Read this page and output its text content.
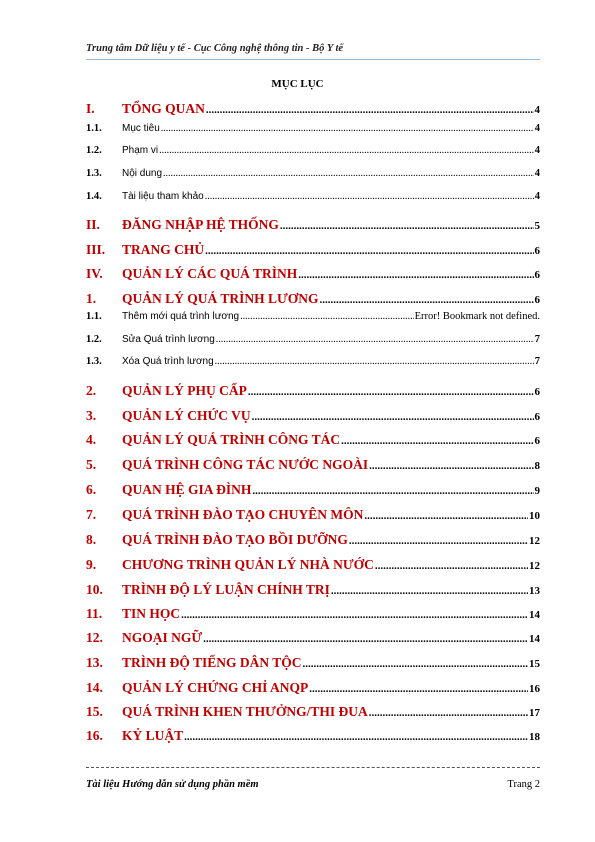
Trung tâm Dữ liệu y tế - Cục Công nghệ thông tin - Bộ Y tế
MỤC LỤC
I.	TỔNG QUAN .....	4
1.1.	Mục tiêu .....	4
1.2.	Phạm vi .....	4
1.3.	Nội dung .....	4
1.4.	Tài liệu tham khảo .....	4
II.	ĐĂNG NHẬP HỆ THỐNG .....	5
III.	TRANG CHỦ .....	6
IV.	QUẢN LÝ CÁC QUÁ TRÌNH .....	6
1.	QUẢN LÝ QUÁ TRÌNH LƯƠNG .....	6
1.1.	Thêm mới quá trình lương .....	Error! Bookmark not defined.
1.2.	Sửa Quá trình lương .....	7
1.3.	Xóa Quá trình lương .....	7
2.	QUẢN LÝ PHỤ CẤP .....	6
3.	QUẢN LÝ CHỨC VỤ .....	6
4.	QUẢN LÝ QUÁ TRÌNH CÔNG TÁC .....	6
5.	QUÁ TRÌNH CÔNG TÁC NƯỚC NGOÀI .....	8
6.	QUAN HỆ GIA ĐÌNH .....	9
7.	QUÁ TRÌNH ĐÀO TẠO CHUYÊN MÔN .....	10
8.	QUÁ TRÌNH ĐÀO TẠO BỒI DƯỠNG .....	12
9.	CHƯƠNG TRÌNH QUẢN LÝ NHÀ NƯỚC .....	12
10.	TRÌNH ĐỘ LÝ LUẬN CHÍNH TRỊ .....	13
11.	TIN HỌC .....	14
12.	NGOẠI NGỮ .....	14
13.	TRÌNH ĐỘ TIẾNG DÂN TỘC .....	15
14.	QUẢN LÝ CHỨNG CHỈ ANQP .....	16
15.	QUÁ TRÌNH KHEN THƯỞNG/THI ĐUA .....	17
16.	KỶ LUẬT .....	18
Tài liệu Hướng dẫn sử dụng phần mềm	Trang 2
